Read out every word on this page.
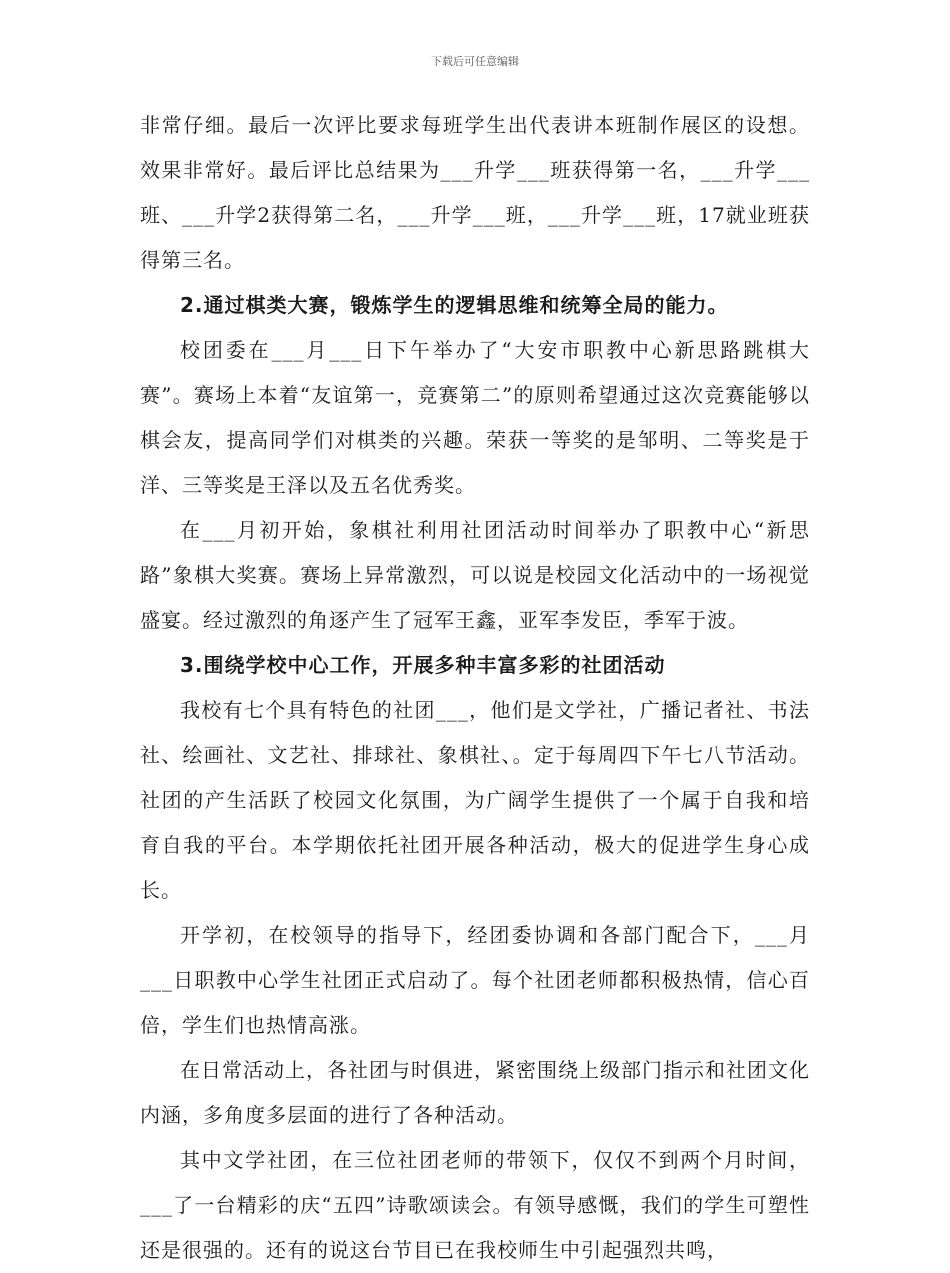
下载后可任意编辑

非常仔细。最后一次评比要求每班学生出代表讲本班制作展区的设想。效果非常好。最后评比总结果为___升学___班获得第一名，___升学___班、___升学2获得第二名，___升学___班，___升学___班，17就业班获得第三名。

2.通过棋类大赛，锻炼学生的逻辑思维和统筹全局的能力。

校团委在___月___日下午举办了“大安市职教中心新思路跳棋大赛”。赛场上本着“友谊第一，竞赛第二”的原则希望通过这次竞赛能够以棋会友，提高同学们对棋类的兴趣。荣获一等奖的是邹明、二等奖是于洋、三等奖是王泽以及五名优秀奖。

在___月初开始，象棋社利用社团活动时间举办了职教中心“新思路”象棋大奖赛。赛场上异常激烈，可以说是校园文化活动中的一场视觉盛宴。经过激烈的角逐产生了冠军王鑫，亚军李发臣，季军于波。

3.围绕学校中心工作，开展多种丰富多彩的社团活动

我校有七个具有特色的社团___，他们是文学社，广播记者社、书法社、绘画社、文艺社、排球社、象棋社、。定于每周四下午七八节活动。社团的产生活跃了校园文化氛围，为广阔学生提供了一个属于自我和培育自我的平台。本学期依托社团开展各种活动，极大的促进学生身心成长。

开学初，在校领导的指导下，经团委协调和各部门配合下，___月___日职教中心学生社团正式启动了。每个社团老师都积极热情，信心百倍，学生们也热情高涨。

在日常活动上，各社团与时俱进，紧密围绕上级部门指示和社团文化内涵，多角度多层面的进行了各种活动。

其中文学社团，在三位社团老师的带领下，仅仅不到两个月时间，___了一台精彩的庆“五四”诗歌颂读会。有领导感慨，我们的学生可塑性还是很强的。还有的说这台节目已在我校师生中引起强烈共鸣，
